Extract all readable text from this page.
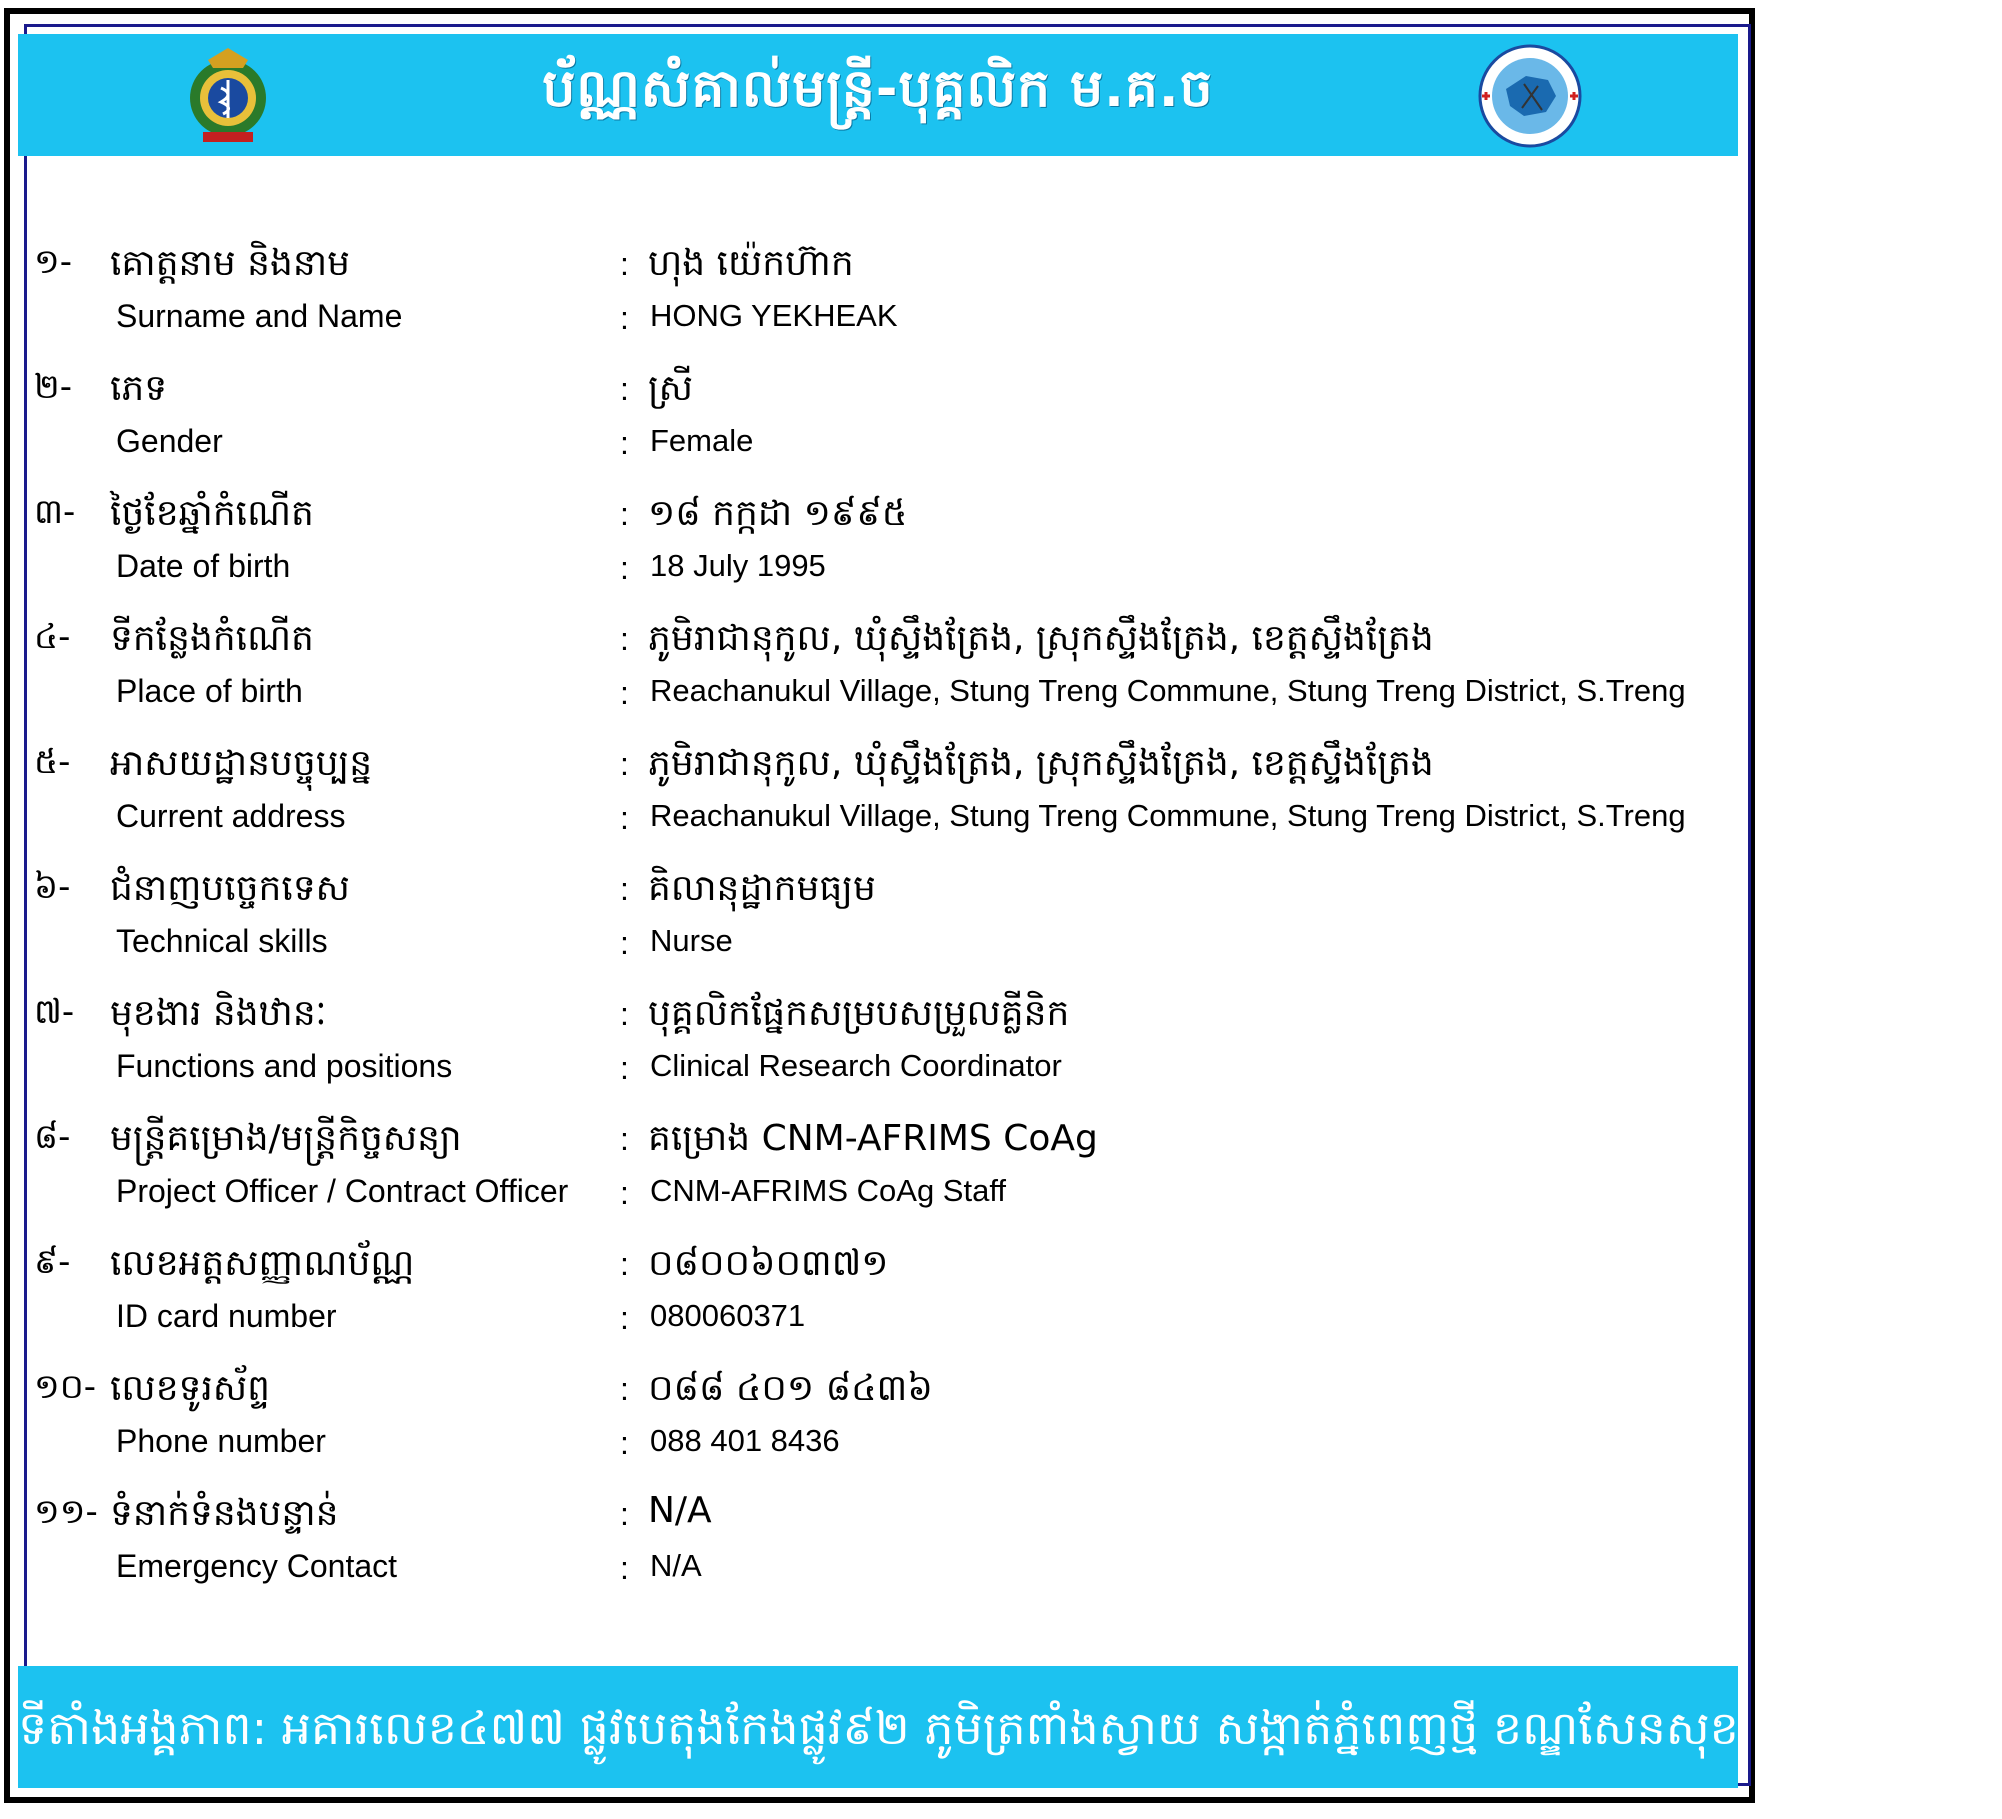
ប័ណ្ណសំគាល់មន្ត្រី-បុគ្គលិក ម.គ.ច
១- គោត្តនាម និងនាម	: ហុង យ៉េកហ៊ាក
Surname and Name	: HONG YEKHEAK
២- ភេទ	: ស្រី
Gender	: Female
៣- ថ្ងៃខែឆ្នាំកំណើត	: ១៨ កក្កដា ១៩៩៥
Date of birth	: 18 July 1995
៤- ទីកន្លែងកំណើត	: ភូមិរាជានុកូល, ឃុំស្ទឹងត្រែង, ស្រុកស្ទឹងត្រែង, ខេត្តស្ទឹងត្រែង
Place of birth	: Reachanukul Village, Stung Treng Commune, Stung Treng District, S.Treng
៥- អាសយដ្ឋានបច្ចុប្បន្ន	: ភូមិរាជានុកូល, ឃុំស្ទឹងត្រែង, ស្រុកស្ទឹងត្រែង, ខេត្តស្ទឹងត្រែង
Current address	: Reachanukul Village, Stung Treng Commune, Stung Treng District, S.Treng
៦- ជំនាញបច្ចេកទេស	: គិលានុដ្ឋាកមធ្យម
Technical skills	: Nurse
៧- មុខងារ និងឋានៈ	: បុគ្គលិកផ្នែកសម្របសម្រួលគ្លីនិក
Functions and positions	: Clinical Research Coordinator
៨- មន្ត្រីគម្រោង/មន្ត្រីកិច្ចសន្យា	: គម្រោង CNM-AFRIMS CoAg
Project Officer / Contract Officer : CNM-AFRIMS CoAg Staff
៩- លេខអត្តសញ្ញាណប័ណ្ណ	: ០៨០០៦០៣៧១
ID card number	: 080060371
១០- លេខទូរស័ព្ទ	: ០៨៨ ៤០១ ៨៤៣៦
Phone number	: 088 401 8436
១១- ទំនាក់ទំនងបន្ទាន់	: N/A
Emergency Contact	: N/A
ទីតាំងអង្គភាព: អគារលេខ៤៧៧ ផ្លូវបេតុងកែងផ្លូវ៩២ ភូមិត្រពាំងស្វាយ សង្កាត់ភ្នំពេញថ្មី ខណ្ឌសែនសុខ រាជធានីភ្នំពេញ
